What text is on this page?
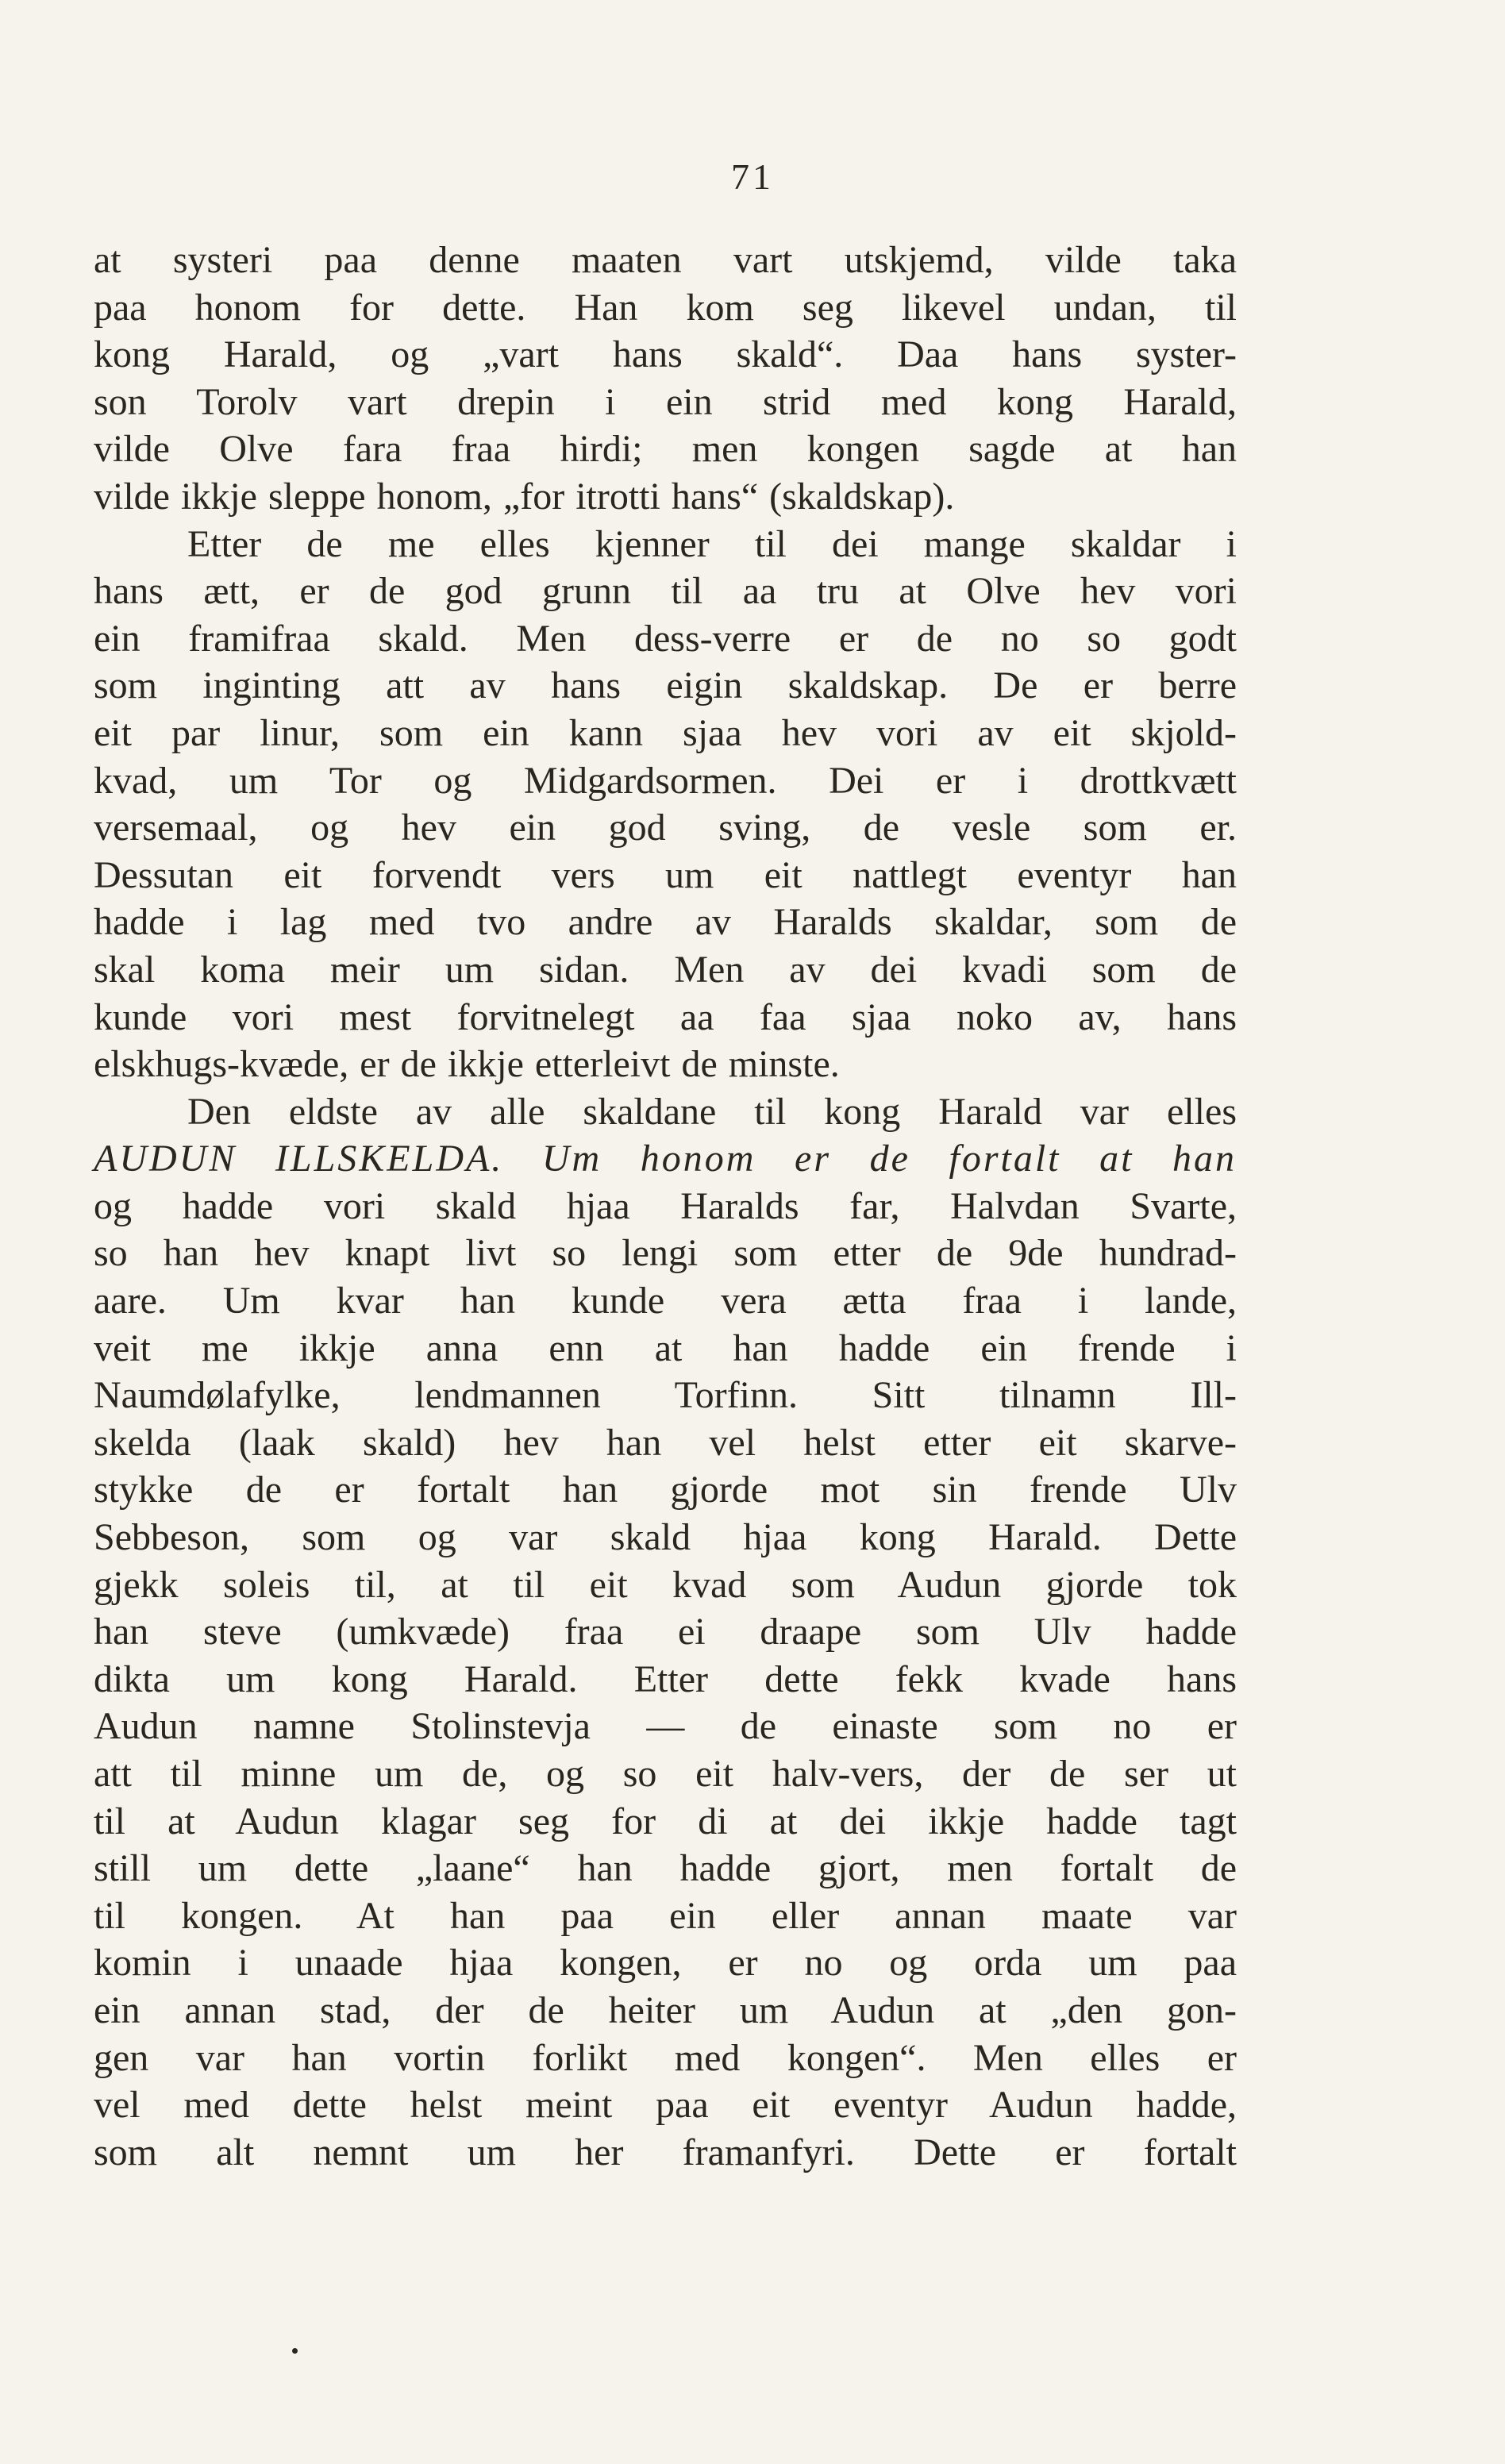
71
at systeri paa denne maaten vart utskjemd, vilde taka
paa honom for dette. Han kom seg likevel undan, til
kong Harald, og „vart hans skald“. Daa hans syster-
son Torolv vart drepin i ein strid med kong Harald,
vilde Olve fara fraa hirdi; men kongen sagde at han
vilde ikkje sleppe honom, „for itrotti hans“ (skaldskap).
Etter de me elles kjenner til dei mange skaldar i
hans ætt, er de god grunn til aa tru at Olve hev vori
ein framifraa skald. Men dess-verre er de no so godt
som inginting att av hans eigin skaldskap. De er berre
eit par linur, som ein kann sjaa hev vori av eit skjold-
kvad, um Tor og Midgardsormen. Dei er i drottkvætt
versemaal, og hev ein god sving, de vesle som er.
Dessutan eit forvendt vers um eit nattlegt eventyr han
hadde i lag med tvo andre av Haralds skaldar, som de
skal koma meir um sidan. Men av dei kvadi som de
kunde vori mest forvitnelegt aa faa sjaa noko av, hans
elskhugs-kvæde, er de ikkje etterleivt de minste.
Den eldste av alle skaldane til kong Harald var elles
AUDUN ILLSKELDA. Um honom er de fortalt at han
og hadde vori skald hjaa Haralds far, Halvdan Svarte,
so han hev knapt livt so lengi som etter de 9de hundrad-
aare. Um kvar han kunde vera ætta fraa i lande,
veit me ikkje anna enn at han hadde ein frende i
Naumdølafylke, lendmannen Torfinn. Sitt tilnamn Ill-
skelda (laak skald) hev han vel helst etter eit skarve-
stykke de er fortalt han gjorde mot sin frende Ulv
Sebbeson, som og var skald hjaa kong Harald. Dette
gjekk soleis til, at til eit kvad som Audun gjorde tok
han steve (umkvæde) fraa ei draape som Ulv hadde
dikta um kong Harald. Etter dette fekk kvade hans
Audun namne Stolinstevja — de einaste som no er
att til minne um de, og so eit halv-vers, der de ser ut
til at Audun klagar seg for di at dei ikkje hadde tagt
still um dette „laane“ han hadde gjort, men fortalt de
til kongen. At han paa ein eller annan maate var
komin i unaade hjaa kongen, er no og orda um paa
ein annan stad, der de heiter um Audun at „den gon-
gen var han vortin forlikt med kongen“. Men elles er
vel med dette helst meint paa eit eventyr Audun hadde,
som alt nemnt um her framanfyri. Dette er fortalt
